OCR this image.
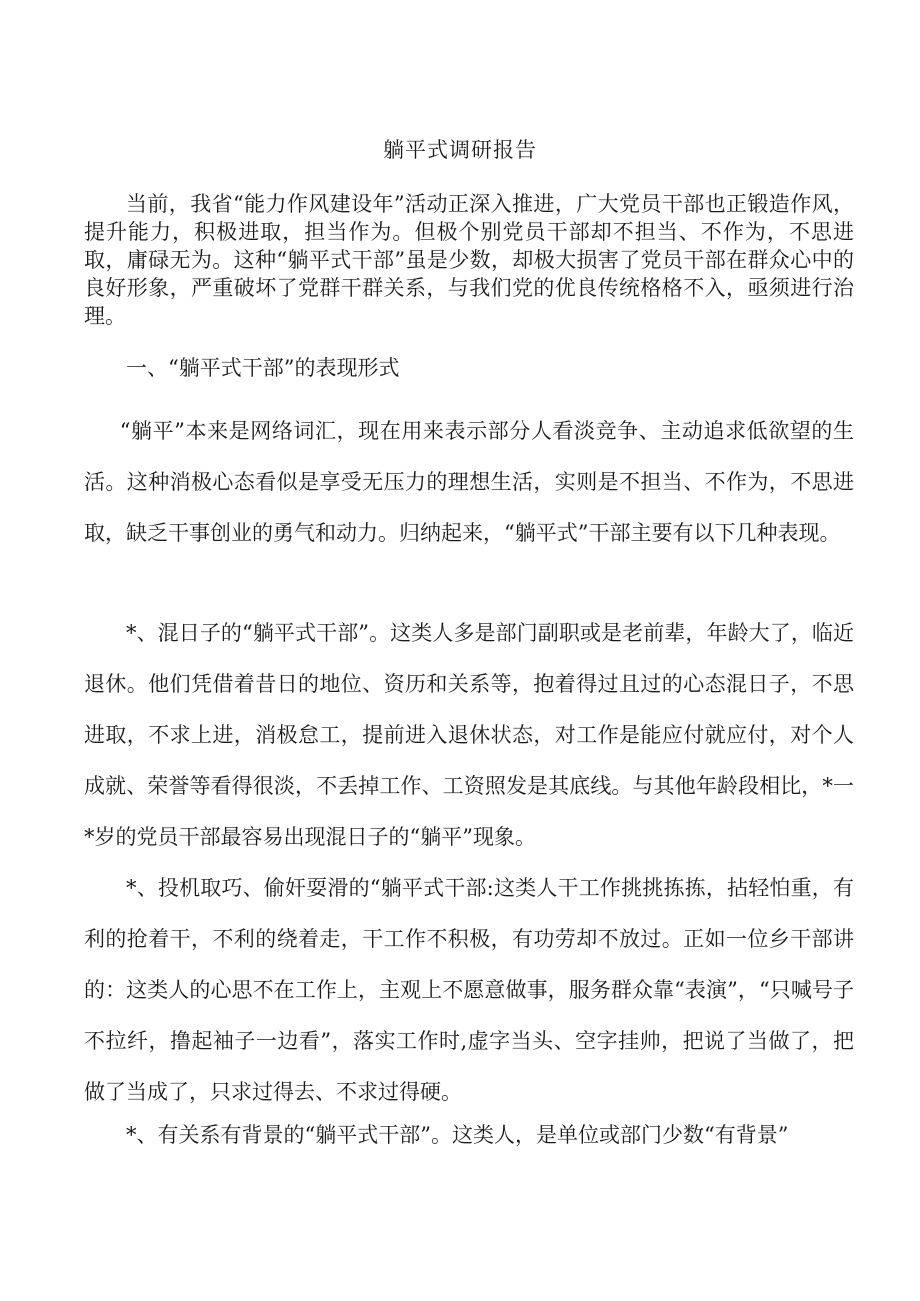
躺平式调研报告

当前，我省“能力作风建设年”活动正深入推进，广大党员干部也正锻造作风，提升能力，积极进取，担当作为。但极个别党员干部却不担当、不作为，不思进取，庸碌无为。这种“躺平式干部”虽是少数，却极大损害了党员干部在群众心中的良好形象，严重破坏了党群干群关系，与我们党的优良传统格格不入，亟须进行治理。

一、“躺平式干部”的表现形式

“躺平”本来是网络词汇，现在用来表示部分人看淡竞争、主动追求低欲望的生活。这种消极心态看似是享受无压力的理想生活，实则是不担当、不作为，不思进取，缺乏干事创业的勇气和动力。归纳起来，“躺平式”干部主要有以下几种表现。

*、混日子的“躺平式干部”。这类人多是部门副职或是老前辈，年龄大了，临近退休。他们凭借着昔日的地位、资历和关系等，抱着得过且过的心态混日子，不思进取，不求上进，消极怠工，提前进入退休状态，对工作是能应付就应付，对个人成就、荣誉等看得很淡，不丢掉工作、工资照发是其底线。与其他年龄段相比，*一*岁的党员干部最容易出现混日子的“躺平”现象。

*、投机取巧、偷奸耍滑的“躺平式干部:这类人干工作挑挑拣拣，拈轻怕重，有利的抢着干，不利的绕着走，干工作不积极，有功劳却不放过。正如一位乡干部讲的：这类人的心思不在工作上，主观上不愿意做事，服务群众靠“表演”，“只喊号子不拉纤，撸起袖子一边看”，落实工作时,虚字当头、空字挂帅，把说了当做了，把做了当成了，只求过得去、不求过得硬。

*、有关系有背景的“躺平式干部”。这类人，是单位或部门少数“有背景”
